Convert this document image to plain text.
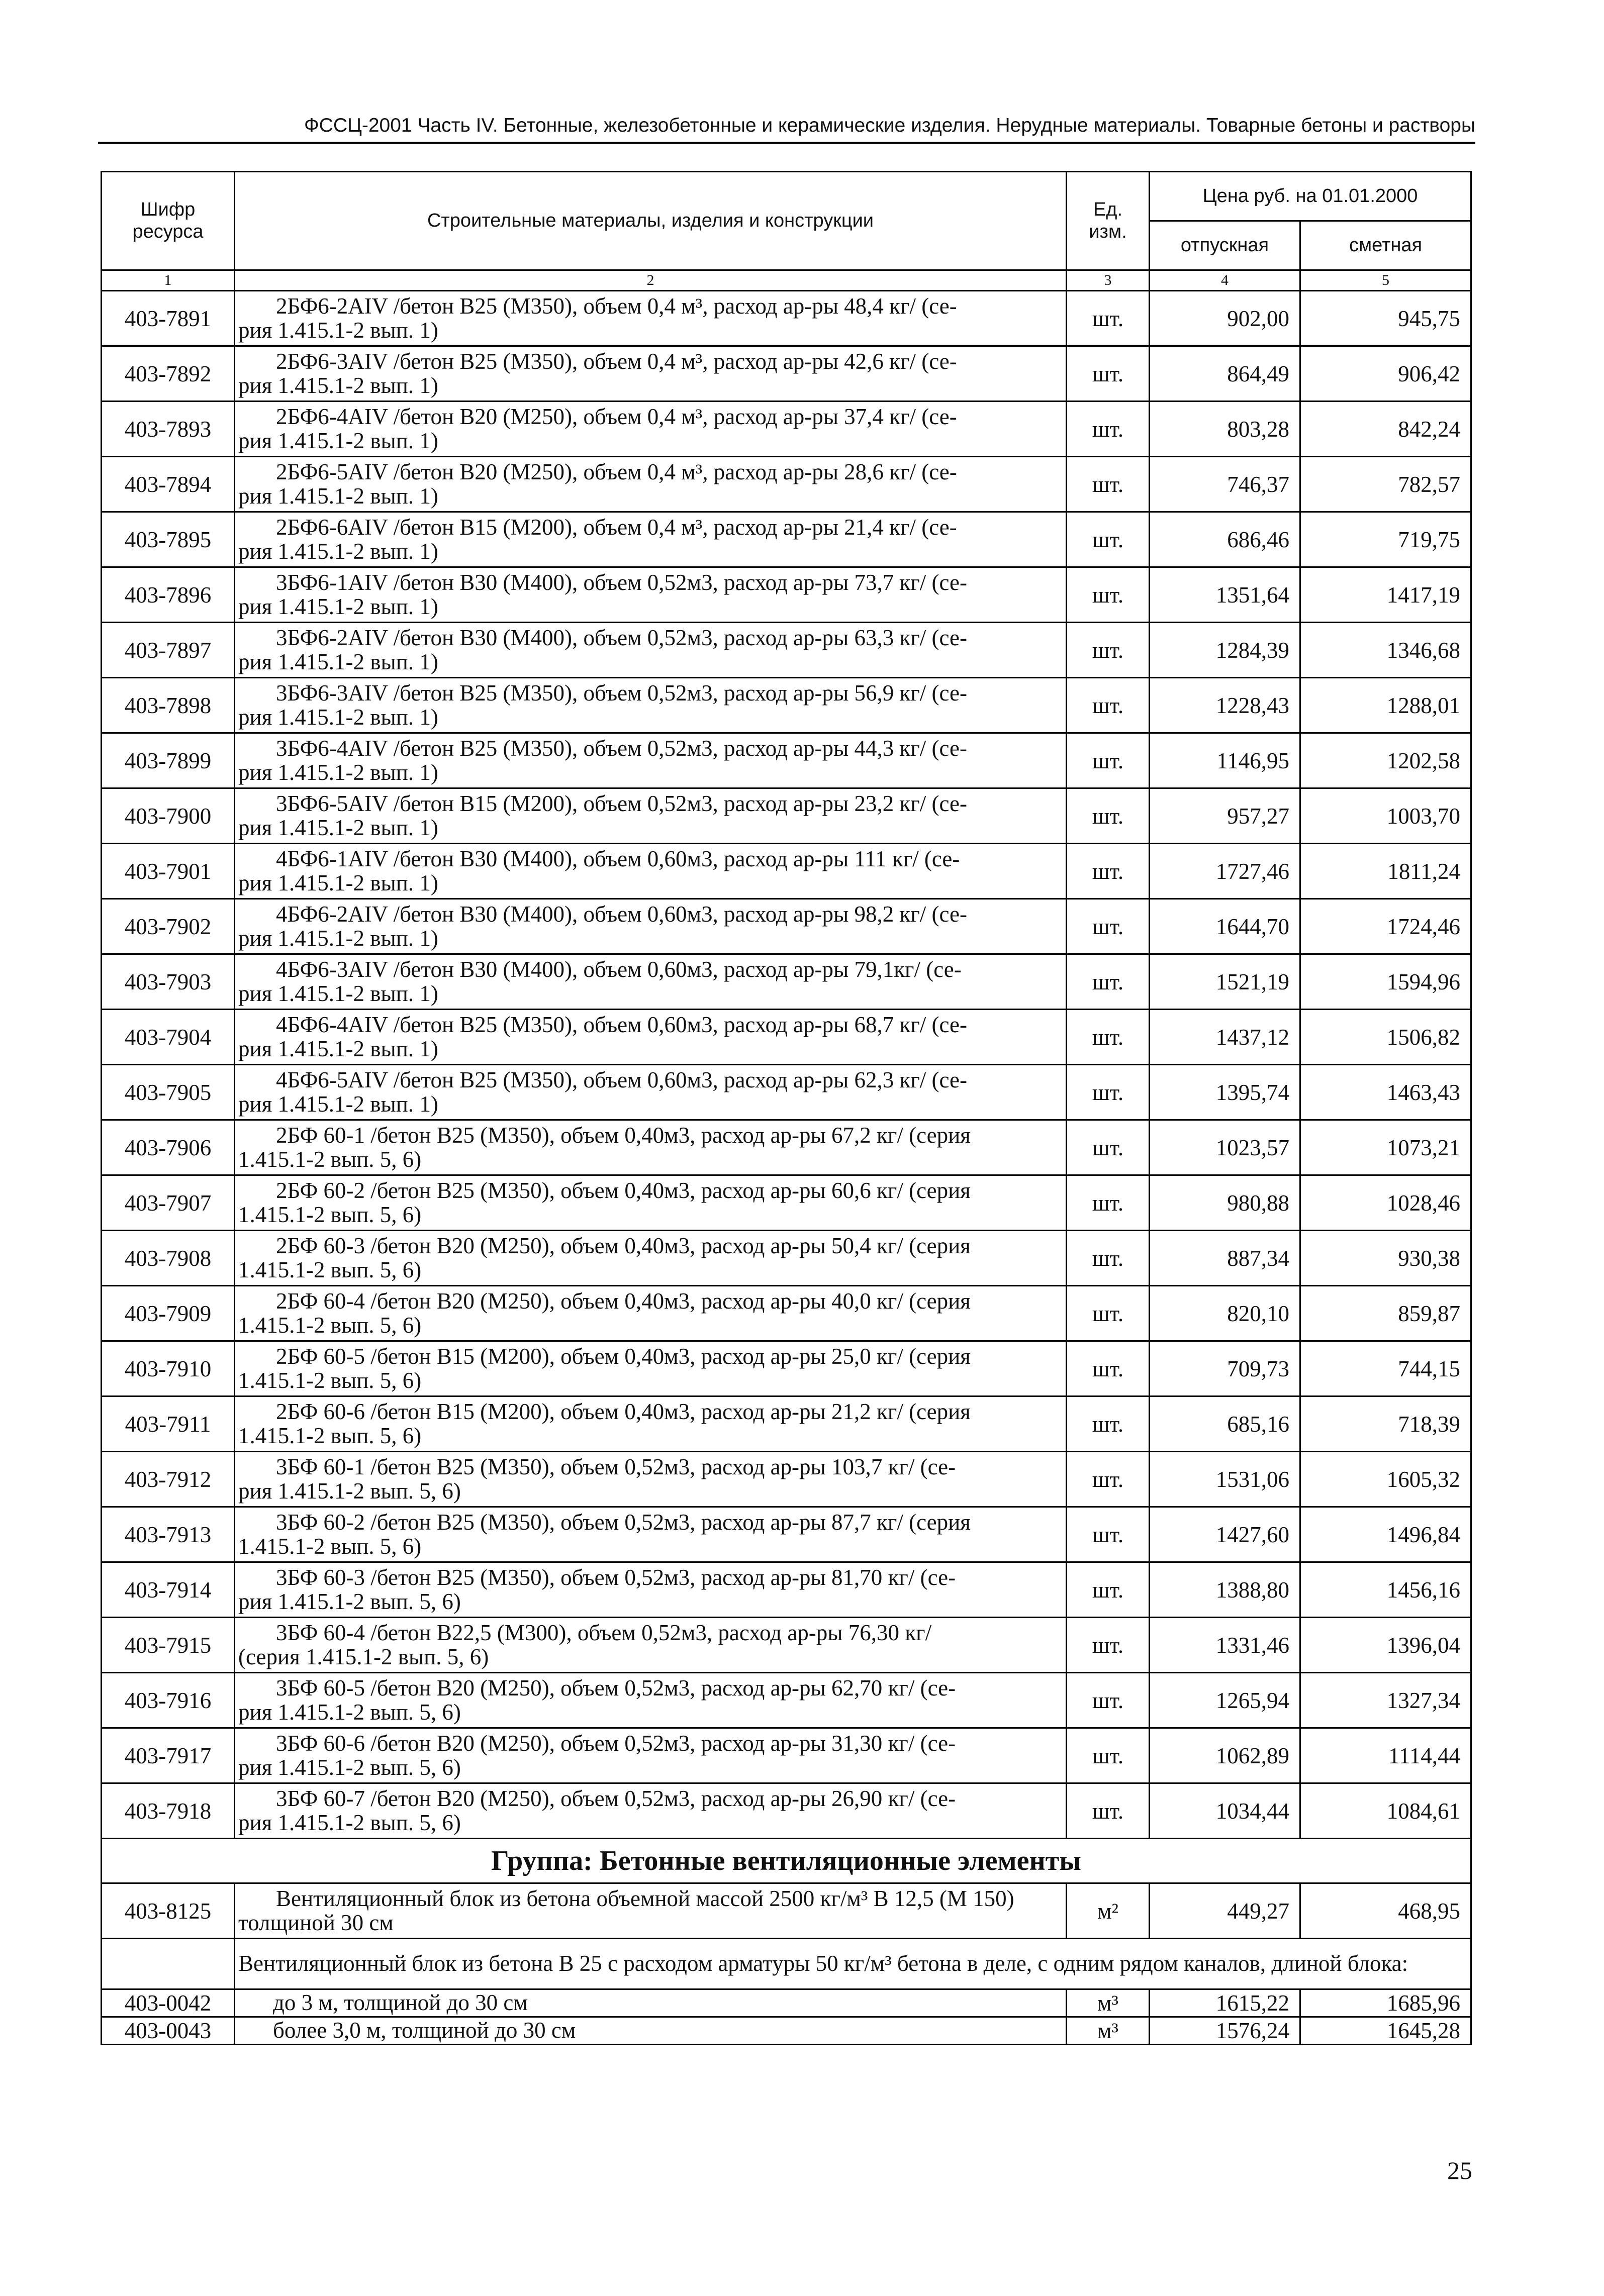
ФССЦ-2001 Часть IV. Бетонные, железобетонные и керамические изделия. Нерудные материалы. Товарные бетоны и растворы
Шифр ресурса	Строительные материалы, изделия и конструкции	Ед. изм.	Цена руб. на 01.01.2000	
			отпускная	сметная
1	2	3	4	5
403-7891	2БФ6-2AIV /бетон В25 (М350), объем 0,4 м³, расход ар-ры 48,4 кг/ (се-
рия 1.415.1-2 вып. 1)	шт.	902,00	945,75
403-7892	2БФ6-3AIV /бетон В25 (М350), объем 0,4 м³, расход ар-ры 42,6 кг/ (се-
рия 1.415.1-2 вып. 1)	шт.	864,49	906,42
403-7893	2БФ6-4AIV /бетон В20 (М250), объем 0,4 м³, расход ар-ры 37,4 кг/ (се-
рия 1.415.1-2 вып. 1)	шт.	803,28	842,24
403-7894	2БФ6-5AIV /бетон В20 (М250), объем 0,4 м³, расход ар-ры 28,6 кг/ (се-
рия 1.415.1-2 вып. 1)	шт.	746,37	782,57
403-7895	2БФ6-6AIV /бетон В15 (М200), объем 0,4 м³, расход ар-ры 21,4 кг/ (се-
рия 1.415.1-2 вып. 1)	шт.	686,46	719,75
403-7896	3БФ6-1AIV /бетон В30 (М400), объем 0,52м3, расход ар-ры 73,7 кг/ (се-
рия 1.415.1-2 вып. 1)	шт.	1351,64	1417,19
403-7897	3БФ6-2AIV /бетон В30 (М400), объем 0,52м3, расход ар-ры 63,3 кг/ (се-
рия 1.415.1-2 вып. 1)	шт.	1284,39	1346,68
403-7898	3БФ6-3AIV /бетон В25 (М350), объем 0,52м3, расход ар-ры 56,9 кг/ (се-
рия 1.415.1-2 вып. 1)	шт.	1228,43	1288,01
403-7899	3БФ6-4AIV /бетон В25 (М350), объем 0,52м3, расход ар-ры 44,3 кг/ (се-
рия 1.415.1-2 вып. 1)	шт.	1146,95	1202,58
403-7900	3БФ6-5AIV /бетон В15 (М200), объем 0,52м3, расход ар-ры 23,2 кг/ (се-
рия 1.415.1-2 вып. 1)	шт.	957,27	1003,70
403-7901	4БФ6-1AIV /бетон В30 (М400), объем 0,60м3, расход ар-ры 111 кг/ (се-
рия 1.415.1-2 вып. 1)	шт.	1727,46	1811,24
403-7902	4БФ6-2AIV /бетон В30 (М400), объем 0,60м3, расход ар-ры 98,2 кг/ (се-
рия 1.415.1-2 вып. 1)	шт.	1644,70	1724,46
403-7903	4БФ6-3AIV /бетон В30 (М400), объем 0,60м3, расход ар-ры 79,1кг/ (се-
рия 1.415.1-2 вып. 1)	шт.	1521,19	1594,96
403-7904	4БФ6-4AIV /бетон В25 (М350), объем 0,60м3, расход ар-ры 68,7 кг/ (се-
рия 1.415.1-2 вып. 1)	шт.	1437,12	1506,82
403-7905	4БФ6-5AIV /бетон В25 (М350), объем 0,60м3, расход ар-ры 62,3 кг/ (се-
рия 1.415.1-2 вып. 1)	шт.	1395,74	1463,43
403-7906	2БФ 60-1 /бетон В25 (М350), объем 0,40м3, расход ар-ры 67,2 кг/ (серия
1.415.1-2 вып. 5, 6)	шт.	1023,57	1073,21
403-7907	2БФ 60-2 /бетон В25 (М350), объем 0,40м3, расход ар-ры 60,6 кг/ (серия
1.415.1-2 вып. 5, 6)	шт.	980,88	1028,46
403-7908	2БФ 60-3 /бетон В20 (М250), объем 0,40м3, расход ар-ры 50,4 кг/ (серия
1.415.1-2 вып. 5, 6)	шт.	887,34	930,38
403-7909	2БФ 60-4 /бетон В20 (М250), объем 0,40м3, расход ар-ры 40,0 кг/ (серия
1.415.1-2 вып. 5, 6)	шт.	820,10	859,87
403-7910	2БФ 60-5 /бетон В15 (М200), объем 0,40м3, расход ар-ры 25,0 кг/ (серия
1.415.1-2 вып. 5, 6)	шт.	709,73	744,15
403-7911	2БФ 60-6 /бетон В15 (М200), объем 0,40м3, расход ар-ры 21,2 кг/ (серия
1.415.1-2 вып. 5, 6)	шт.	685,16	718,39
403-7912	3БФ 60-1 /бетон В25 (М350), объем 0,52м3, расход ар-ры 103,7 кг/ (се-
рия 1.415.1-2 вып. 5, 6)	шт.	1531,06	1605,32
403-7913	3БФ 60-2 /бетон В25 (М350), объем 0,52м3, расход ар-ры 87,7 кг/ (серия
1.415.1-2 вып. 5, 6)	шт.	1427,60	1496,84
403-7914	3БФ 60-3 /бетон В25 (М350), объем 0,52м3, расход ар-ры 81,70 кг/ (се-
рия 1.415.1-2 вып. 5, 6)	шт.	1388,80	1456,16
403-7915	3БФ 60-4 /бетон В22,5 (М300), объем 0,52м3, расход ар-ры 76,30 кг/
(серия 1.415.1-2 вып. 5, 6)	шт.	1331,46	1396,04
403-7916	3БФ 60-5 /бетон В20 (М250), объем 0,52м3, расход ар-ры 62,70 кг/ (се-
рия 1.415.1-2 вып. 5, 6)	шт.	1265,94	1327,34
403-7917	3БФ 60-6 /бетон В20 (М250), объем 0,52м3, расход ар-ры 31,30 кг/ (се-
рия 1.415.1-2 вып. 5, 6)	шт.	1062,89	1114,44
403-7918	3БФ 60-7 /бетон В20 (М250), объем 0,52м3, расход ар-ры 26,90 кг/ (се-
рия 1.415.1-2 вып. 5, 6)	шт.	1034,44	1084,61
Группа: Бетонные вентиляционные элементы				
403-8125	Вентиляционный блок из бетона объемной массой 2500 кг/м³ В 12,5 (М 150)
толщиной 30 см	м²	449,27	468,95
	Вентиляционный блок из бетона В 25 с расходом арматуры 50 кг/м³ бетона в деле, с одним рядом каналов, длиной блока:			
403-0042	до 3 м, толщиной до 30 см	м³	1615,22	1685,96
403-0043	более 3,0 м, толщиной до 30 см	м³	1576,24	1645,28
25
